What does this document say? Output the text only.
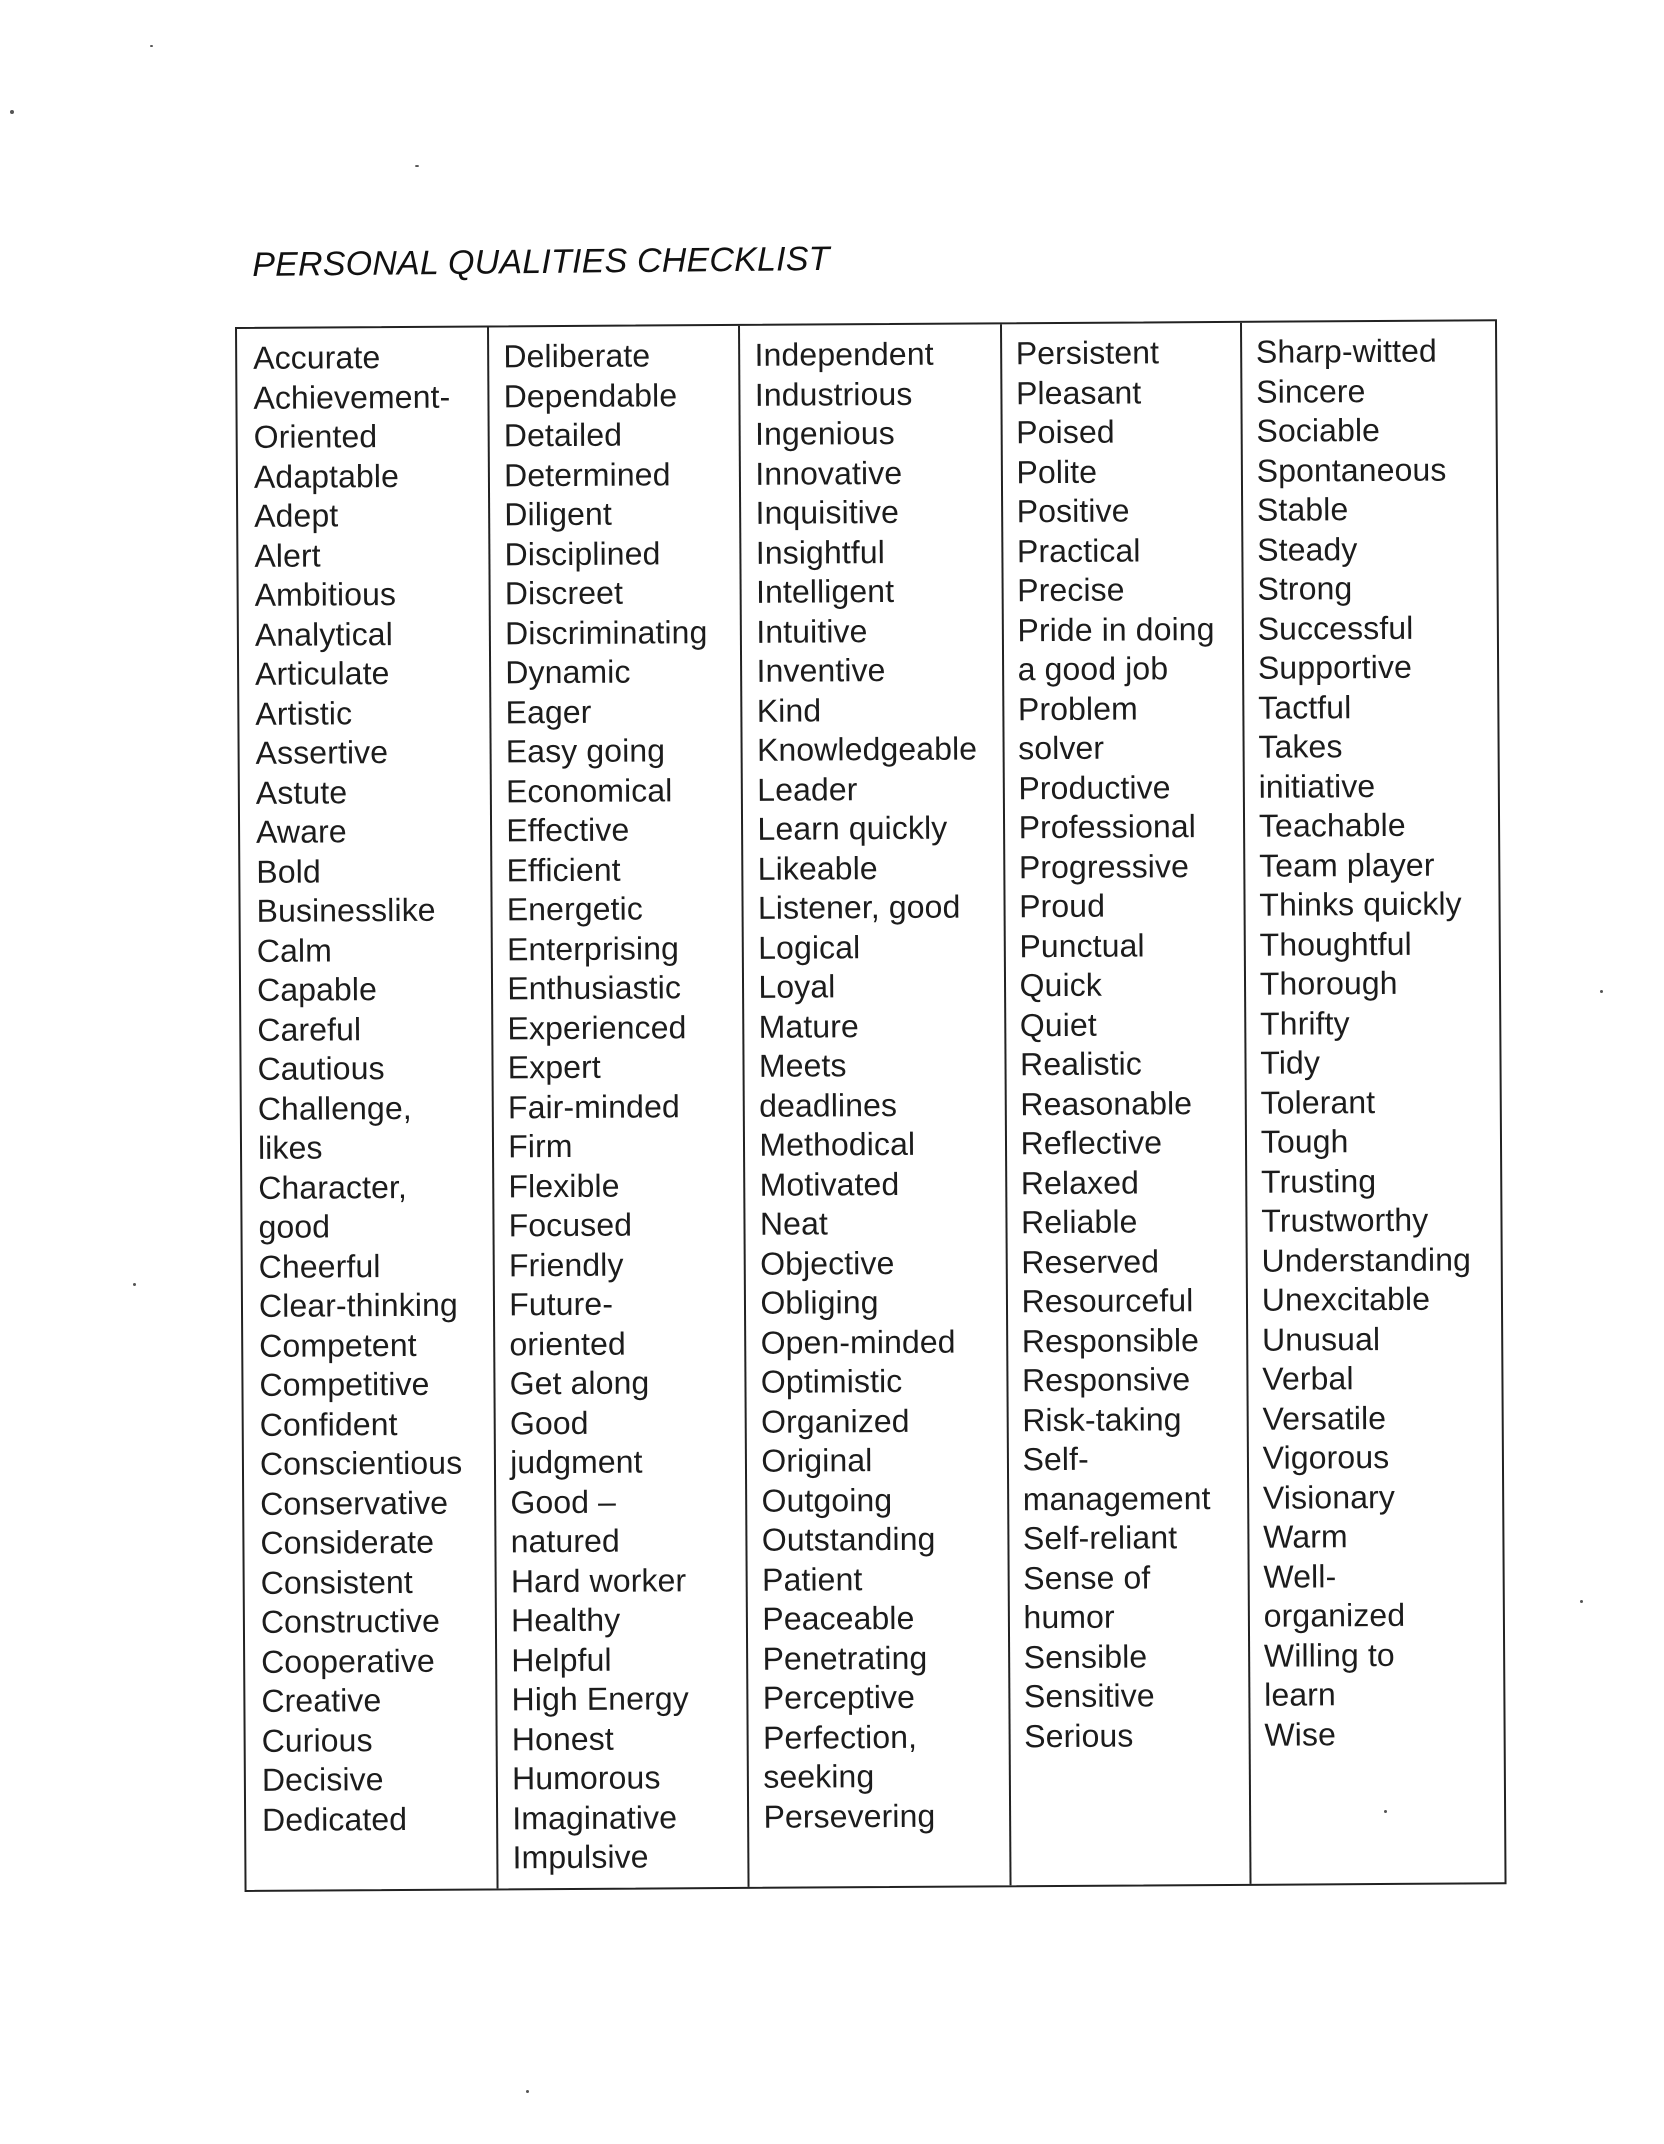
PERSONAL QUALITIES CHECKLIST
Accurate
Achievement-
Oriented
Adaptable
Adept
Alert
Ambitious
Analytical
Articulate
Artistic
Assertive
Astute
Aware
Bold
Businesslike
Calm
Capable
Careful
Cautious
Challenge,
likes
Character,
good
Cheerful
Clear-thinking
Competent
Competitive
Confident
Conscientious
Conservative
Considerate
Consistent
Constructive
Cooperative
Creative
Curious
Decisive
Dedicated
Deliberate
Dependable
Detailed
Determined
Diligent
Disciplined
Discreet
Discriminating
Dynamic
Eager
Easy going
Economical
Effective
Efficient
Energetic
Enterprising
Enthusiastic
Experienced
Expert
Fair-minded
Firm
Flexible
Focused
Friendly
Future-
oriented
Get along
Good
judgment
Good –
natured
Hard worker
Healthy
Helpful
High Energy
Honest
Humorous
Imaginative
Impulsive
Independent
Industrious
Ingenious
Innovative
Inquisitive
Insightful
Intelligent
Intuitive
Inventive
Kind
Knowledgeable
Leader
Learn quickly
Likeable
Listener, good
Logical
Loyal
Mature
Meets
deadlines
Methodical
Motivated
Neat
Objective
Obliging
Open-minded
Optimistic
Organized
Original
Outgoing
Outstanding
Patient
Peaceable
Penetrating
Perceptive
Perfection,
seeking
Persevering
Persistent
Pleasant
Poised
Polite
Positive
Practical
Precise
Pride in doing
a good job
Problem
solver
Productive
Professional
Progressive
Proud
Punctual
Quick
Quiet
Realistic
Reasonable
Reflective
Relaxed
Reliable
Reserved
Resourceful
Responsible
Responsive
Risk-taking
Self-
management
Self-reliant
Sense of
humor
Sensible
Sensitive
Serious
Sharp-witted
Sincere
Sociable
Spontaneous
Stable
Steady
Strong
Successful
Supportive
Tactful
Takes
initiative
Teachable
Team player
Thinks quickly
Thoughtful
Thorough
Thrifty
Tidy
Tolerant
Tough
Trusting
Trustworthy
Understanding
Unexcitable
Unusual
Verbal
Versatile
Vigorous
Visionary
Warm
Well-
organized
Willing to
learn
Wise
